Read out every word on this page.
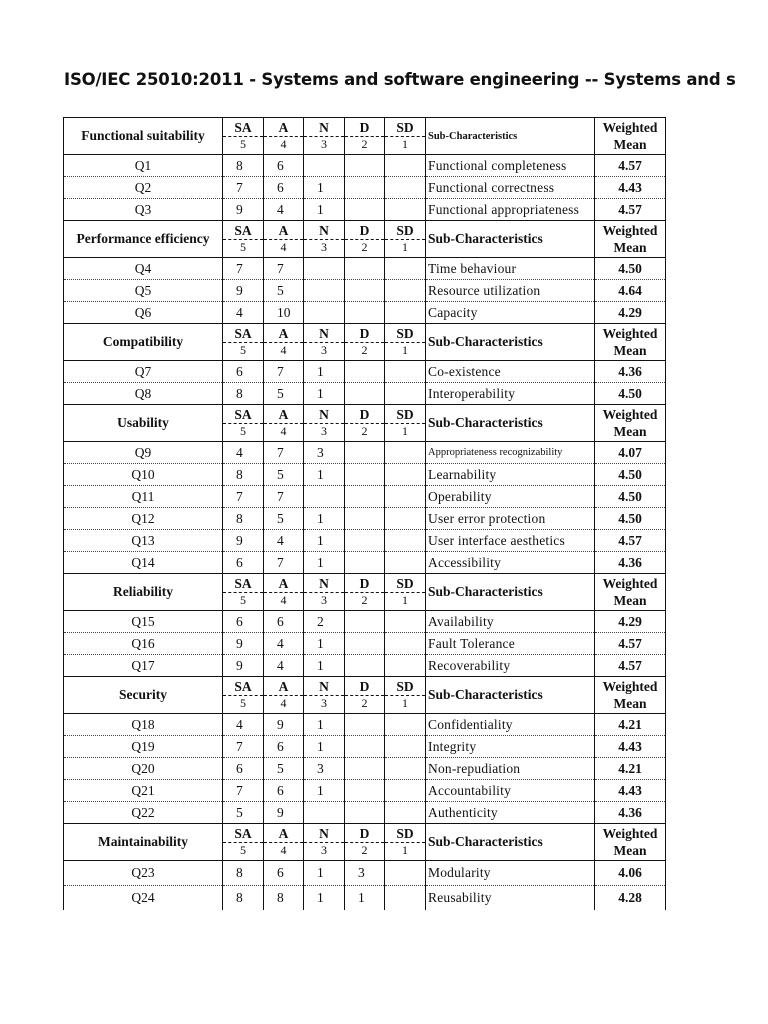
ISO/IEC 25010:2011 - Systems and software engineering -- Systems and s
Functional suitability	SA	A	N	D	SD	Sub-Characteristics	Weighted Mean
	5	4	3	2	1		
Q1	8	6				Functional completeness	4.57
Q2	7	6	1			Functional correctness	4.43
Q3	9	4	1			Functional appropriateness	4.57
Performance efficiency	SA	A	N	D	SD	Sub-Characteristics	Weighted Mean
	5	4	3	2	1		
Q4	7	7				Time behaviour	4.50
Q5	9	5				Resource utilization	4.64
Q6	4	10				Capacity	4.29
Compatibility	SA	A	N	D	SD	Sub-Characteristics	Weighted Mean
	5	4	3	2	1		
Q7	6	7	1			Co-existence	4.36
Q8	8	5	1			Interoperability	4.50
Usability	SA	A	N	D	SD	Sub-Characteristics	Weighted Mean
	5	4	3	2	1		
Q9	4	7	3			Appropriateness recognizability	4.07
Q10	8	5	1			Learnability	4.50
Q11	7	7				Operability	4.50
Q12	8	5	1			User error protection	4.50
Q13	9	4	1			User interface aesthetics	4.57
Q14	6	7	1			Accessibility	4.36
Reliability	SA	A	N	D	SD	Sub-Characteristics	Weighted Mean
	5	4	3	2	1		
Q15	6	6	2			Availability	4.29
Q16	9	4	1			Fault Tolerance	4.57
Q17	9	4	1			Recoverability	4.57
Security	SA	A	N	D	SD	Sub-Characteristics	Weighted Mean
	5	4	3	2	1		
Q18	4	9	1			Confidentiality	4.21
Q19	7	6	1			Integrity	4.43
Q20	6	5	3			Non-repudiation	4.21
Q21	7	6	1			Accountability	4.43
Q22	5	9				Authenticity	4.36
Maintainability	SA	A	N	D	SD	Sub-Characteristics	Weighted Mean
	5	4	3	2	1		
Q23	8	6	1	3		Modularity	4.06
Q24	8	8	1	1		Reusability	4.28
